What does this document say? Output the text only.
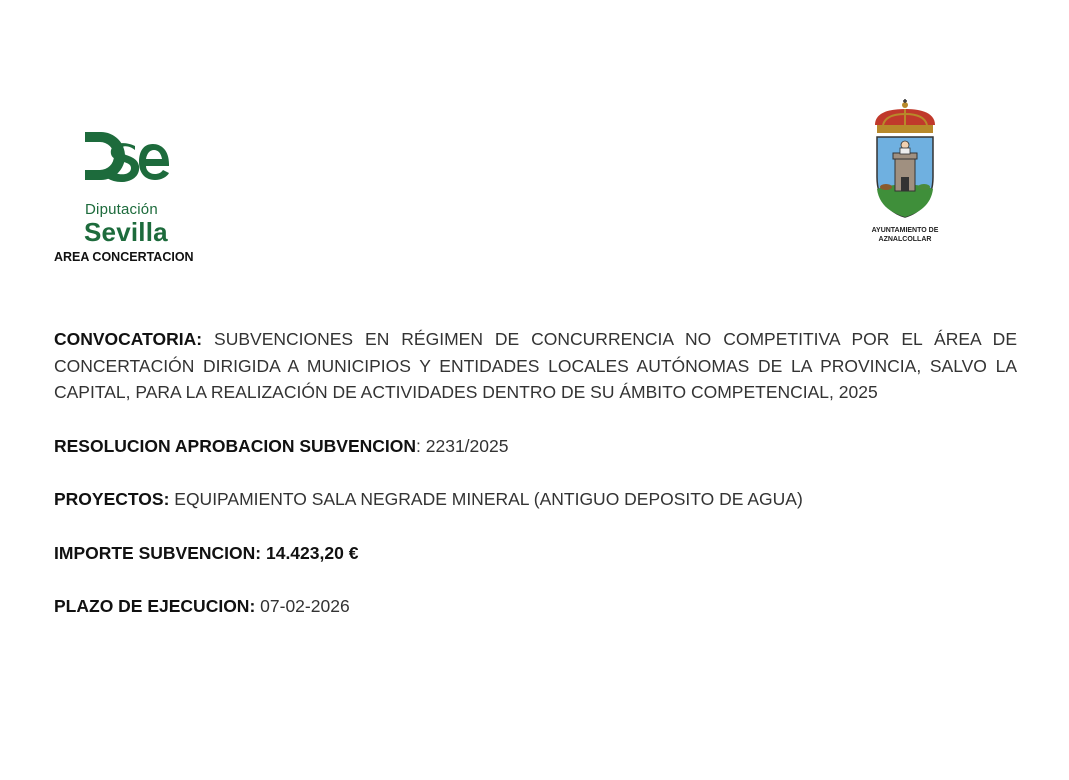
Diputación
Sevilla
AREA CONCERTACION
AYUNTAMIENTO DE
AZNALCOLLAR

CONVOCATORIA: SUBVENCIONES EN RÉGIMEN DE CONCURRENCIA NO COMPETITIVA POR EL ÁREA DE CONCERTACIÓN DIRIGIDA A MUNICIPIOS Y ENTIDADES LOCALES AUTÓNOMAS DE LA PROVINCIA, SALVO LA CAPITAL, PARA LA REALIZACIÓN DE ACTIVIDADES DENTRO DE SU ÁMBITO COMPETENCIAL, 2025

RESOLUCION APROBACION SUBVENCION: 2231/2025

PROYECTOS: EQUIPAMIENTO SALA NEGRADE MINERAL (ANTIGUO DEPOSITO DE AGUA)

IMPORTE SUBVENCION: 14.423,20 €

PLAZO DE EJECUCION: 07-02-2026
